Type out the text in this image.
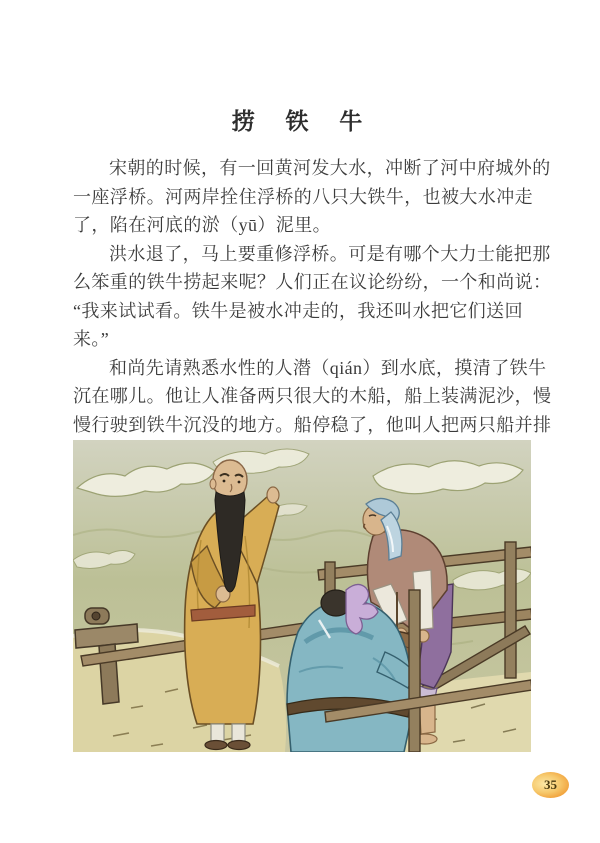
捞 铁 牛
宋朝的时候，有一回黄河发大水，冲断了河中府城外的
一座浮桥。河两岸拴住浮桥的八只大铁牛，也被大水冲走
了，陷在河底的淤（yū）泥里。
洪水退了，马上要重修浮桥。可是有哪个大力士能把那
么笨重的铁牛捞起来呢？人们正在议论纷纷，一个和尚说：
“我来试试看。铁牛是被水冲走的，我还叫水把它们送回
来。”
和尚先请熟悉水性的人潜（qián）到水底，摸清了铁牛
沉在哪儿。他让人准备两只很大的木船，船上装满泥沙，慢
慢行驶到铁牛沉没的地方。船停稳了，他叫人把两只船并排
35
